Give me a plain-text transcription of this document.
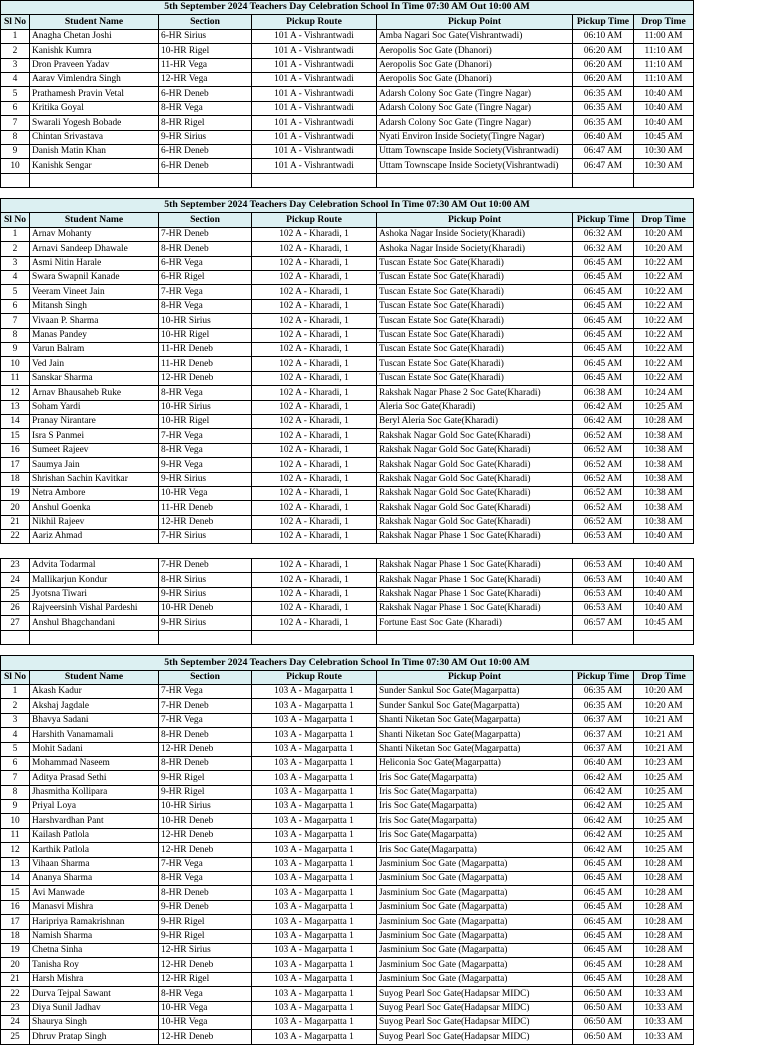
5th September 2024 Teachers Day Celebration School In Time 07:30 AM Out 10:00 AM						
Sl No	Student Name	Section	Pickup Route	Pickup Point	Pickup Time	Drop Time
1	Anagha Chetan Joshi	6-HR Sirius	101 A - Vishrantwadi	Amba Nagari Soc Gate(Vishrantwadi)	06:10 AM	11:00 AM
2	Kanishk Kumra	10-HR Rigel	101 A - Vishrantwadi	Aeropolis Soc Gate (Dhanori)	06:20 AM	11:10 AM
3	Dron Praveen Yadav	11-HR Vega	101 A - Vishrantwadi	Aeropolis Soc Gate (Dhanori)	06:20 AM	11:10 AM
4	Aarav Vimlendra Singh	12-HR Vega	101 A - Vishrantwadi	Aeropolis Soc Gate (Dhanori)	06:20 AM	11:10 AM
5	Prathamesh Pravin Vetal	6-HR Deneb	101 A - Vishrantwadi	Adarsh Colony Soc Gate (Tingre Nagar)	06:35 AM	10:40 AM
6	Kritika Goyal	8-HR Vega	101 A - Vishrantwadi	Adarsh Colony Soc Gate (Tingre Nagar)	06:35 AM	10:40 AM
7	Swarali Yogesh Bobade	8-HR Rigel	101 A - Vishrantwadi	Adarsh Colony Soc Gate (Tingre Nagar)	06:35 AM	10:40 AM
8	Chintan Srivastava	9-HR Sirius	101 A - Vishrantwadi	Nyati Environ Inside Society(Tingre Nagar)	06:40 AM	10:45 AM
9	Danish Matin Khan	6-HR Deneb	101 A - Vishrantwadi	Uttam Townscape Inside Society(Vishrantwadi)	06:47 AM	10:30 AM
10	Kanishk Sengar	6-HR Deneb	101 A - Vishrantwadi	Uttam Townscape Inside Society(Vishrantwadi)	06:47 AM	10:30 AM

5th September 2024 Teachers Day Celebration School In Time 07:30 AM Out 10:00 AM						
Sl No	Student Name	Section	Pickup Route	Pickup Point	Pickup Time	Drop Time
1	Arnav Mohanty	7-HR Deneb	102 A - Kharadi, 1	Ashoka Nagar Inside Society(Kharadi)	06:32 AM	10:20 AM
2	Arnavi Sandeep Dhawale	8-HR Deneb	102 A - Kharadi, 1	Ashoka Nagar Inside Society(Kharadi)	06:32 AM	10:20 AM
3	Asmi Nitin Harale	6-HR Vega	102 A - Kharadi, 1	Tuscan Estate Soc Gate(Kharadi)	06:45 AM	10:22 AM
4	Swara Swapnil Kanade	6-HR Rigel	102 A - Kharadi, 1	Tuscan Estate Soc Gate(Kharadi)	06:45 AM	10:22 AM
5	Veeram Vineet Jain	7-HR Vega	102 A - Kharadi, 1	Tuscan Estate Soc Gate(Kharadi)	06:45 AM	10:22 AM
6	Mitansh Singh	8-HR Vega	102 A - Kharadi, 1	Tuscan Estate Soc Gate(Kharadi)	06:45 AM	10:22 AM
7	Vivaan P. Sharma	10-HR Sirius	102 A - Kharadi, 1	Tuscan Estate Soc Gate(Kharadi)	06:45 AM	10:22 AM
8	Manas Pandey	10-HR Rigel	102 A - Kharadi, 1	Tuscan Estate Soc Gate(Kharadi)	06:45 AM	10:22 AM
9	Varun Balram	11-HR Deneb	102 A - Kharadi, 1	Tuscan Estate Soc Gate(Kharadi)	06:45 AM	10:22 AM
10	Ved Jain	11-HR Deneb	102 A - Kharadi, 1	Tuscan Estate Soc Gate(Kharadi)	06:45 AM	10:22 AM
11	Sanskar Sharma	12-HR Deneb	102 A - Kharadi, 1	Tuscan Estate Soc Gate(Kharadi)	06:45 AM	10:22 AM
12	Arnav Bhausaheb Ruke	8-HR Vega	102 A - Kharadi, 1	Rakshak Nagar Phase 2 Soc Gate(Kharadi)	06:38 AM	10:24 AM
13	Soham Yardi	10-HR Sirius	102 A - Kharadi, 1	Aleria Soc Gate(Kharadi)	06:42 AM	10:25 AM
14	Pranay Nirantare	10-HR Rigel	102 A - Kharadi, 1	Beryl Aleria Soc Gate(Kharadi)	06:42 AM	10:28 AM
15	Isra S Panmei	7-HR Vega	102 A - Kharadi, 1	Rakshak Nagar Gold Soc Gate(Kharadi)	06:52 AM	10:38 AM
16	Sumeet Rajeev	8-HR Vega	102 A - Kharadi, 1	Rakshak Nagar Gold Soc Gate(Kharadi)	06:52 AM	10:38 AM
17	Saumya Jain	9-HR Vega	102 A - Kharadi, 1	Rakshak Nagar Gold Soc Gate(Kharadi)	06:52 AM	10:38 AM
18	Shrishan Sachin Kavitkar	9-HR Sirius	102 A - Kharadi, 1	Rakshak Nagar Gold Soc Gate(Kharadi)	06:52 AM	10:38 AM
19	Netra Ambore	10-HR Vega	102 A - Kharadi, 1	Rakshak Nagar Gold Soc Gate(Kharadi)	06:52 AM	10:38 AM
20	Anshul Goenka	11-HR Deneb	102 A - Kharadi, 1	Rakshak Nagar Gold Soc Gate(Kharadi)	06:52 AM	10:38 AM
21	Nikhil Rajeev	12-HR Deneb	102 A - Kharadi, 1	Rakshak Nagar Gold Soc Gate(Kharadi)	06:52 AM	10:38 AM
22	Aariz Ahmad	7-HR Sirius	102 A - Kharadi, 1	Rakshak Nagar Phase 1 Soc Gate(Kharadi)	06:53 AM	10:40 AM

23	Advita Todarmal	7-HR Deneb	102 A - Kharadi, 1	Rakshak Nagar Phase 1 Soc Gate(Kharadi)	06:53 AM	10:40 AM
24	Mallikarjun Kondur	8-HR Sirius	102 A - Kharadi, 1	Rakshak Nagar Phase 1 Soc Gate(Kharadi)	06:53 AM	10:40 AM
25	Jyotsna Tiwari	9-HR Sirius	102 A - Kharadi, 1	Rakshak Nagar Phase 1 Soc Gate(Kharadi)	06:53 AM	10:40 AM
26	Rajveersinh Vishal Pardeshi	10-HR Deneb	102 A - Kharadi, 1	Rakshak Nagar Phase 1 Soc Gate(Kharadi)	06:53 AM	10:40 AM
27	Anshul Bhagchandani	9-HR Sirius	102 A - Kharadi, 1	Fortune East Soc Gate (Kharadi)	06:57 AM	10:45 AM

5th September 2024 Teachers Day Celebration School In Time 07:30 AM Out 10:00 AM						
Sl No	Student Name	Section	Pickup Route	Pickup Point	Pickup Time	Drop Time
1	Akash Kadur	7-HR Vega	103 A - Magarpatta 1	Sunder Sankul Soc Gate(Magarpatta)	06:35 AM	10:20 AM
2	Akshaj Jagdale	7-HR Deneb	103 A - Magarpatta 1	Sunder Sankul Soc Gate(Magarpatta)	06:35 AM	10:20 AM
3	Bhavya Sadani	7-HR Vega	103 A - Magarpatta 1	Shanti Niketan Soc Gate(Magarpatta)	06:37 AM	10:21 AM
4	Harshith Vanamamali	8-HR Deneb	103 A - Magarpatta 1	Shanti Niketan Soc Gate(Magarpatta)	06:37 AM	10:21 AM
5	Mohit Sadani	12-HR Deneb	103 A - Magarpatta 1	Shanti Niketan Soc Gate(Magarpatta)	06:37 AM	10:21 AM
6	Mohammad Naseem	8-HR Deneb	103 A - Magarpatta 1	Heliconia Soc Gate(Magarpatta)	06:40 AM	10:23 AM
7	Aditya Prasad Sethi	9-HR Rigel	103 A - Magarpatta 1	Iris Soc Gate(Magarpatta)	06:42 AM	10:25 AM
8	Jhasmitha Kollipara	9-HR Rigel	103 A - Magarpatta 1	Iris Soc Gate(Magarpatta)	06:42 AM	10:25 AM
9	Priyal Loya	10-HR Sirius	103 A - Magarpatta 1	Iris Soc Gate(Magarpatta)	06:42 AM	10:25 AM
10	Harshvardhan Pant	10-HR Deneb	103 A - Magarpatta 1	Iris Soc Gate(Magarpatta)	06:42 AM	10:25 AM
11	Kailash Patlola	12-HR Deneb	103 A - Magarpatta 1	Iris Soc Gate(Magarpatta)	06:42 AM	10:25 AM
12	Karthik Patlola	12-HR Deneb	103 A - Magarpatta 1	Iris Soc Gate(Magarpatta)	06:42 AM	10:25 AM
13	Vihaan Sharma	7-HR Vega	103 A - Magarpatta 1	Jasminium Soc Gate (Magarpatta)	06:45 AM	10:28 AM
14	Ananya Sharma	8-HR Vega	103 A - Magarpatta 1	Jasminium Soc Gate (Magarpatta)	06:45 AM	10:28 AM
15	Avi Manwade	8-HR Deneb	103 A - Magarpatta 1	Jasminium Soc Gate (Magarpatta)	06:45 AM	10:28 AM
16	Manasvi Mishra	9-HR Deneb	103 A - Magarpatta 1	Jasminium Soc Gate (Magarpatta)	06:45 AM	10:28 AM
17	Haripriya Ramakrishnan	9-HR Rigel	103 A - Magarpatta 1	Jasminium Soc Gate (Magarpatta)	06:45 AM	10:28 AM
18	Namish Sharma	9-HR Rigel	103 A - Magarpatta 1	Jasminium Soc Gate (Magarpatta)	06:45 AM	10:28 AM
19	Chetna Sinha	12-HR Sirius	103 A - Magarpatta 1	Jasminium Soc Gate (Magarpatta)	06:45 AM	10:28 AM
20	Tanisha Roy	12-HR Deneb	103 A - Magarpatta 1	Jasminium Soc Gate (Magarpatta)	06:45 AM	10:28 AM
21	Harsh Mishra	12-HR Rigel	103 A - Magarpatta 1	Jasminium Soc Gate (Magarpatta)	06:45 AM	10:28 AM
22	Durva Tejpal Sawant	8-HR Vega	103 A - Magarpatta 1	Suyog Pearl Soc Gate(Hadapsar MIDC)	06:50 AM	10:33 AM
23	Diya Sunil Jadhav	10-HR Vega	103 A - Magarpatta 1	Suyog Pearl Soc Gate(Hadapsar MIDC)	06:50 AM	10:33 AM
24	Shaurya Singh	10-HR Vega	103 A - Magarpatta 1	Suyog Pearl Soc Gate(Hadapsar MIDC)	06:50 AM	10:33 AM
25	Dhruv Pratap Singh	12-HR Deneb	103 A - Magarpatta 1	Suyog Pearl Soc Gate(Hadapsar MIDC)	06:50 AM	10:33 AM
